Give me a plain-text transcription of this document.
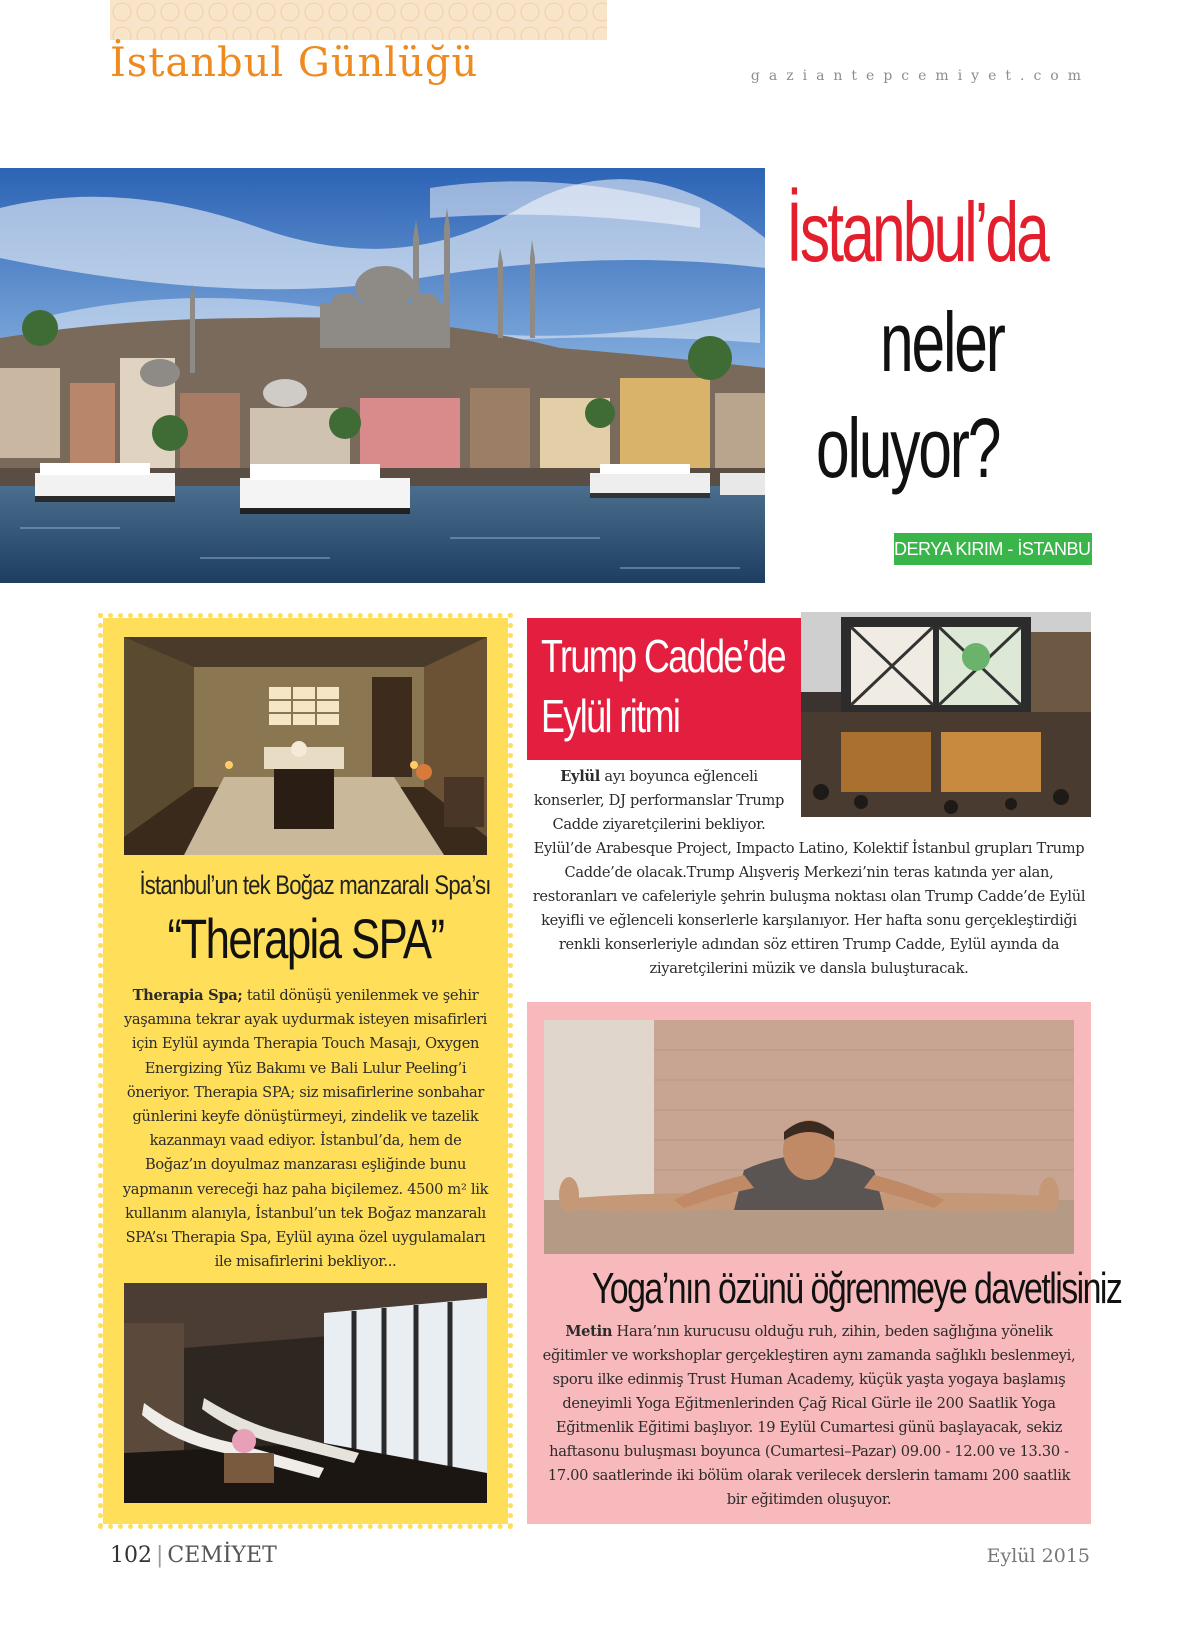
İstanbul Günlüğü	gaziantepcemiyet.com
İstanbul’da
neler
oluyor?
DERYA KIRIM - İSTANBUL
İstanbul’un tek Boğaz manzaralı Spa’sı
“Therapia SPA”

Therapia Spa; tatil dönüşü yenilenmek ve şehir yaşamına tekrar ayak uydurmak isteyen misafirleri için Eylül ayında Therapia Touch Masajı, Oxygen Energizing Yüz Bakımı ve Bali Lulur Peeling’i öneriyor. Therapia SPA; siz misafirlerine sonbahar günlerini keyfe dönüştürmeyi, zindelik ve tazelik kazanmayı vaad ediyor. İstanbul’da, hem de Boğaz’ın doyulmaz manzarası eşliğinde bunu yapmanın vereceği haz paha biçilemez. 4500 m² lik kullanım alanıyla, İstanbul’un tek Boğaz manzaralı SPA’sı Therapia Spa, Eylül ayına özel uygulamaları ile misafirlerini bekliyor...

Trump Cadde’de
Eylül ritmi

Eylül ayı boyunca eğlenceli konserler, DJ performanslar Trump Cadde ziyaretçilerini bekliyor.

Eylül’de Arabesque Project, Impacto Latino, Kolektif İstanbul grupları Trump Cadde’de olacak.Trump Alışveriş Merkezi’nin teras katında yer alan, restoranları ve cafeleriyle şehrin buluşma noktası olan Trump Cadde’de Eylül keyifli ve eğlenceli konserlerle karşılanıyor. Her hafta sonu gerçekleştirdiği renkli konserleriyle adından söz ettiren Trump Cadde, Eylül ayında da ziyaretçilerini müzik ve dansla buluşturacak.

Yoga’nın özünü öğrenmeye davetlisiniz

Metin Hara’nın kurucusu olduğu ruh, zihin, beden sağlığına yönelik eğitimler ve workshoplar gerçekleştiren aynı zamanda sağlıklı beslenmeyi, sporu ilke edinmiş Trust Human Academy, küçük yaşta yogaya başlamış deneyimli Yoga Eğitmenlerinden Çağ Rical Gürle ile 200 Saatlik Yoga Eğitmenlik Eğitimi başlıyor. 19 Eylül Cumartesi günü başlayacak, sekiz haftasonu buluşması boyunca (Cumartesi–Pazar) 09.00 - 12.00 ve 13.30 - 17.00 saatlerinde iki bölüm olarak verilecek derslerin tamamı 200 saatlik bir eğitimden oluşuyor.

102 | CEMİYET	Eylül 2015
